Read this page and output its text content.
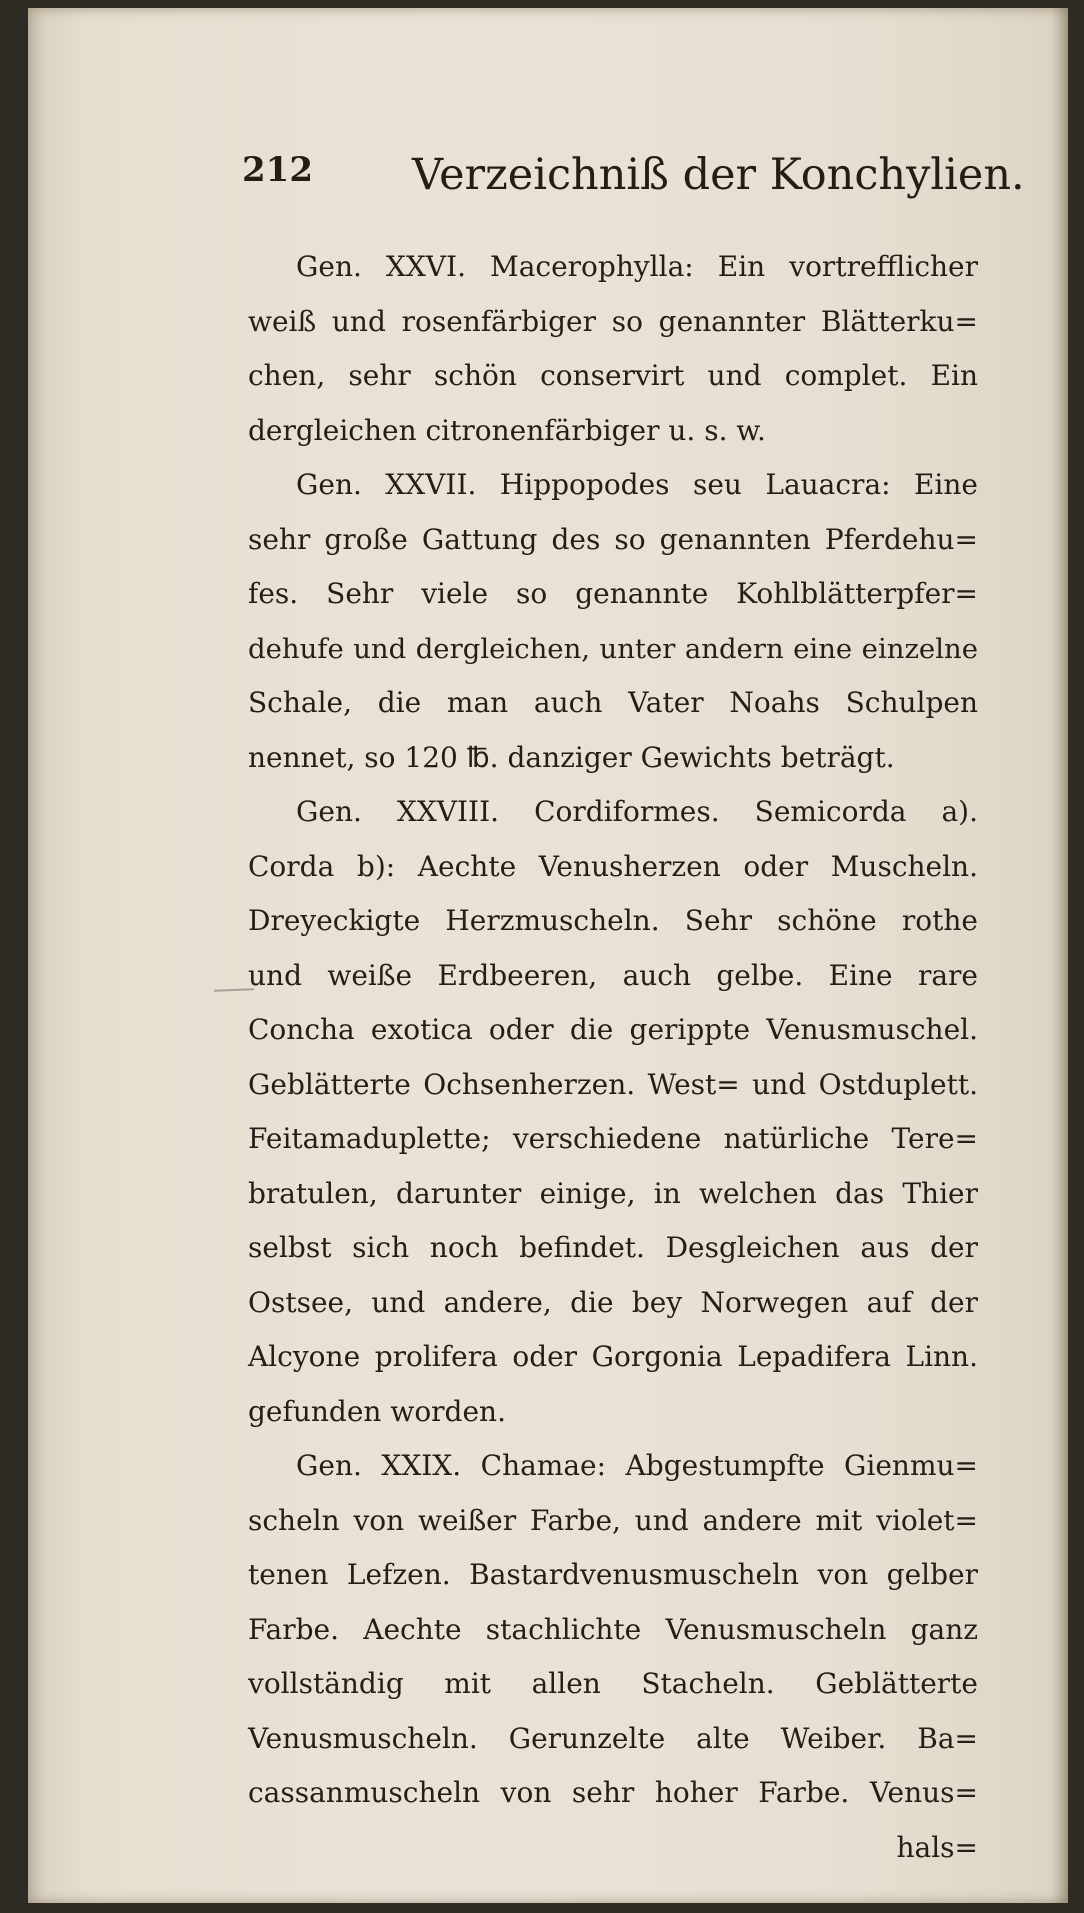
212 Verzeichniß der Konchylien.
Gen. XXVI. Macerophylla: Ein vortrefflicher
weiß und rosenfärbiger so genannter Blätterku=
chen, sehr schön conservirt und complet. Ein
dergleichen citronenfärbiger u. s. w.
Gen. XXVII. Hippopodes seu Lauacra: Eine
sehr große Gattung des so genannten Pferdehu=
fes. Sehr viele so genannte Kohlblätterpfer=
dehufe und dergleichen, unter andern eine einzelne
Schale, die man auch Vater Noahs Schulpen
nennet, so 120 ℔. danziger Gewichts beträgt.
Gen. XXVIII. Cordiformes. Semicorda a).
Corda b): Aechte Venusherzen oder Muscheln.
Dreyeckigte Herzmuscheln. Sehr schöne rothe
und weiße Erdbeeren, auch gelbe. Eine rare
Concha exotica oder die gerippte Venusmuschel.
Geblätterte Ochsenherzen. West= und Ostduplett.
Feitamaduplette; verschiedene natürliche Tere=
bratulen, darunter einige, in welchen das Thier
selbst sich noch befindet. Desgleichen aus der
Ostsee, und andere, die bey Norwegen auf der
Alcyone prolifera oder Gorgonia Lepadifera Linn.
gefunden worden.
Gen. XXIX. Chamae: Abgestumpfte Gienmu=
scheln von weißer Farbe, und andere mit violet=
tenen Lefzen. Bastardvenusmuscheln von gelber
Farbe. Aechte stachlichte Venusmuscheln ganz
vollständig mit allen Stacheln. Geblätterte
Venusmuscheln. Gerunzelte alte Weiber. Ba=
cassanmuscheln von sehr hoher Farbe. Venus=
hals=
